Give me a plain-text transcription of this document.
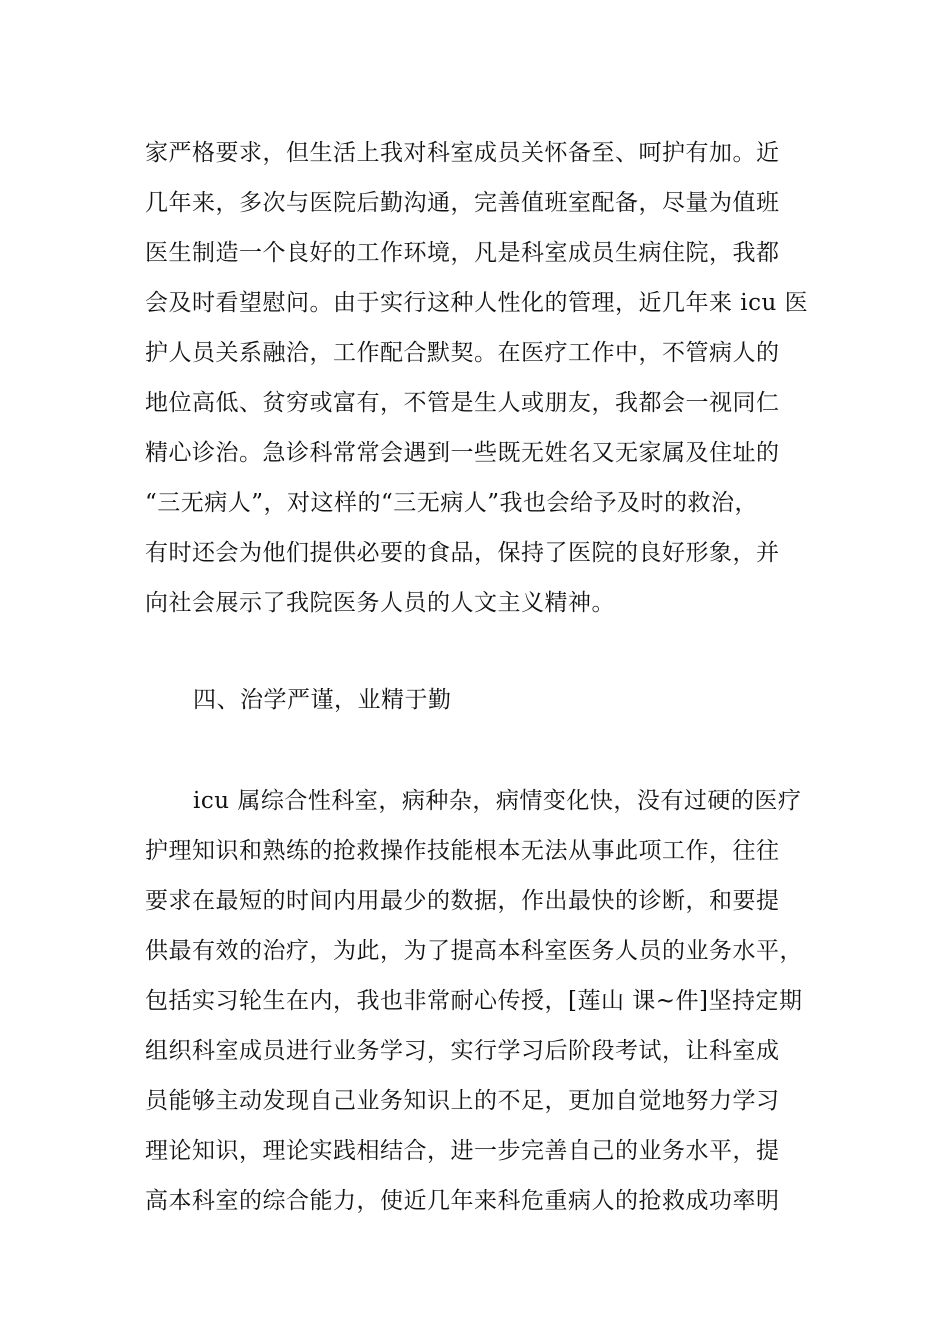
家严格要求，但生活上我对科室成员关怀备至、呵护有加。近
几年来，多次与医院后勤沟通，完善值班室配备，尽量为值班
医生制造一个良好的工作环境，凡是科室成员生病住院，我都
会及时看望慰问。由于实行这种人性化的管理，近几年来 icu 医
护人员关系融洽，工作配合默契。在医疗工作中，不管病人的
地位高低、贫穷或富有，不管是生人或朋友，我都会一视同仁
精心诊治。急诊科常常会遇到一些既无姓名又无家属及住址的
“三无病人”，对这样的“三无病人”我也会给予及时的救治，
有时还会为他们提供必要的食品，保持了医院的良好形象，并
向社会展示了我院医务人员的人文主义精神。
四、治学严谨，业精于勤
icu 属综合性科室，病种杂，病情变化快，没有过硬的医疗
护理知识和熟练的抢救操作技能根本无法从事此项工作，往往
要求在最短的时间内用最少的数据，作出最快的诊断，和要提
供最有效的治疗，为此，为了提高本科室医务人员的业务水平，
包括实习轮生在内，我也非常耐心传授，[莲山 课~件]坚持定期
组织科室成员进行业务学习，实行学习后阶段考试，让科室成
员能够主动发现自己业务知识上的不足，更加自觉地努力学习
理论知识，理论实践相结合，进一步完善自己的业务水平，提
高本科室的综合能力，使近几年来科危重病人的抢救成功率明
